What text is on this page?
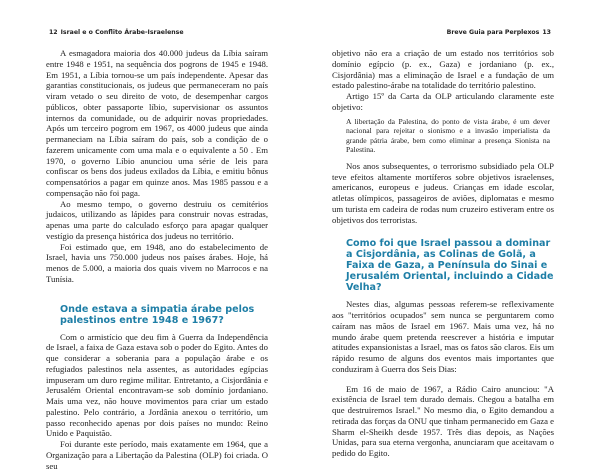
12 Israel e o Conflito Árabe-Israelense

A esmagadora maioria dos 40.000 judeus da Líbia saíram entre 1948 e 1951, na sequência dos pogrons de 1945 e 1948. Em 1951, a Líbia tornou-se um país independente. Apesar das garantias constitucionais, os judeus que permaneceram no país viram vetado o seu direito de voto, de desempenhar cargos públicos, obter passaporte líbio, supervisionar os assuntos internos da comunidade, ou de adquirir novas propriedades. Após um terceiro pogrom em 1967, os 4000 judeus que ainda permaneciam na Líbia saíram do país, sob a condição de o fazerem unicamente com uma mala e o equivalente a 50 . Em 1970, o governo Líbio anunciou uma série de leis para confiscar os bens dos judeus exilados da Líbia, e emitiu bônus compensatórios a pagar em quinze anos. Mas 1985 passou e a compensação não foi paga.

Ao mesmo tempo, o governo destruiu os cemitérios judaicos, utilizando as lápides para construir novas estradas, apenas uma parte do calculado esforço para apagar qualquer vestígio da presença histórica dos judeus no território.

Foi estimado que, em 1948, ano do estabelecimento de Israel, havia uns 750.000 judeus nos países árabes. Hoje, há menos de 5.000, a maioria dos quais vivem no Marrocos e na Tunísia.

Onde estava a simpatia árabe pelos palestinos entre 1948 e 1967?

Com o armistício que deu fim à Guerra da Independência de Israel, a faixa de Gaza estava sob o poder do Egito. Antes do que considerar a soberania para a população árabe e os refugiados palestinos nela assentes, as autoridades egípcias impuseram um duro regime militar. Entretanto, a Cisjordânia e Jerusalém Oriental encontravam-se sob domínio jordaniano. Mais uma vez, não houve movimentos para criar um estado palestino. Pelo contrário, a Jordânia anexou o território, um passo reconhecido apenas por dois países no mundo: Reino Unido e Paquistão.

Foi durante este período, mais exatamente em 1964, que a Organização para a Libertação da Palestina (OLP) foi criada. O seu

Breve Guia para Perplexos 13

objetivo não era a criação de um estado nos territórios sob domínio egípcio (p. ex., Gaza) e jordaniano (p. ex., Cisjordânia) mas a eliminação de Israel e a fundação de um estado palestino-árabe na totalidade do território palestino.

Artigo 15º da Carta da OLP articulando claramente este objetivo:

A libertação da Palestina, do ponto de vista árabe, é um dever nacional para rejeitar o sionismo e a invasão imperialista da grande pátria árabe, bem como eliminar a presença Sionista na Palestina.

Nos anos subsequentes, o terrorismo subsidiado pela OLP teve efeitos altamente mortíferos sobre objetivos israelenses, americanos, europeus e judeus. Crianças em idade escolar, atletas olímpicos, passageiros de aviões, diplomatas e mesmo um turista em cadeira de rodas num cruzeiro estiveram entre os objetivos dos terroristas.

Como foi que Israel passou a dominar a Cisjordânia, as Colinas de Golã, a Faixa de Gaza, a Península do Sinai e Jerusalém Oriental, incluindo a Cidade Velha?

Nestes dias, algumas pessoas referem-se reflexivamente aos "territórios ocupados" sem nunca se perguntarem como caíram nas mãos de Israel em 1967. Mais uma vez, há no mundo árabe quem pretenda reescrever a história e imputar atitudes expansionistas a Israel, mas os fatos são claros. Eis um rápido resumo de alguns dos eventos mais importantes que conduziram à Guerra dos Seis Dias:

Em 16 de maio de 1967, a Rádio Cairo anunciou: "A existência de Israel tem durado demais. Chegou a batalha em que destruiremos Israel." No mesmo dia, o Egito demandou a retirada das forças da ONU que tinham permanecido em Gaza e Sharm el-Sheikh desde 1957. Três dias depois, as Nações Unidas, para sua eterna vergonha, anunciaram que aceitavam o pedido do Egito.
